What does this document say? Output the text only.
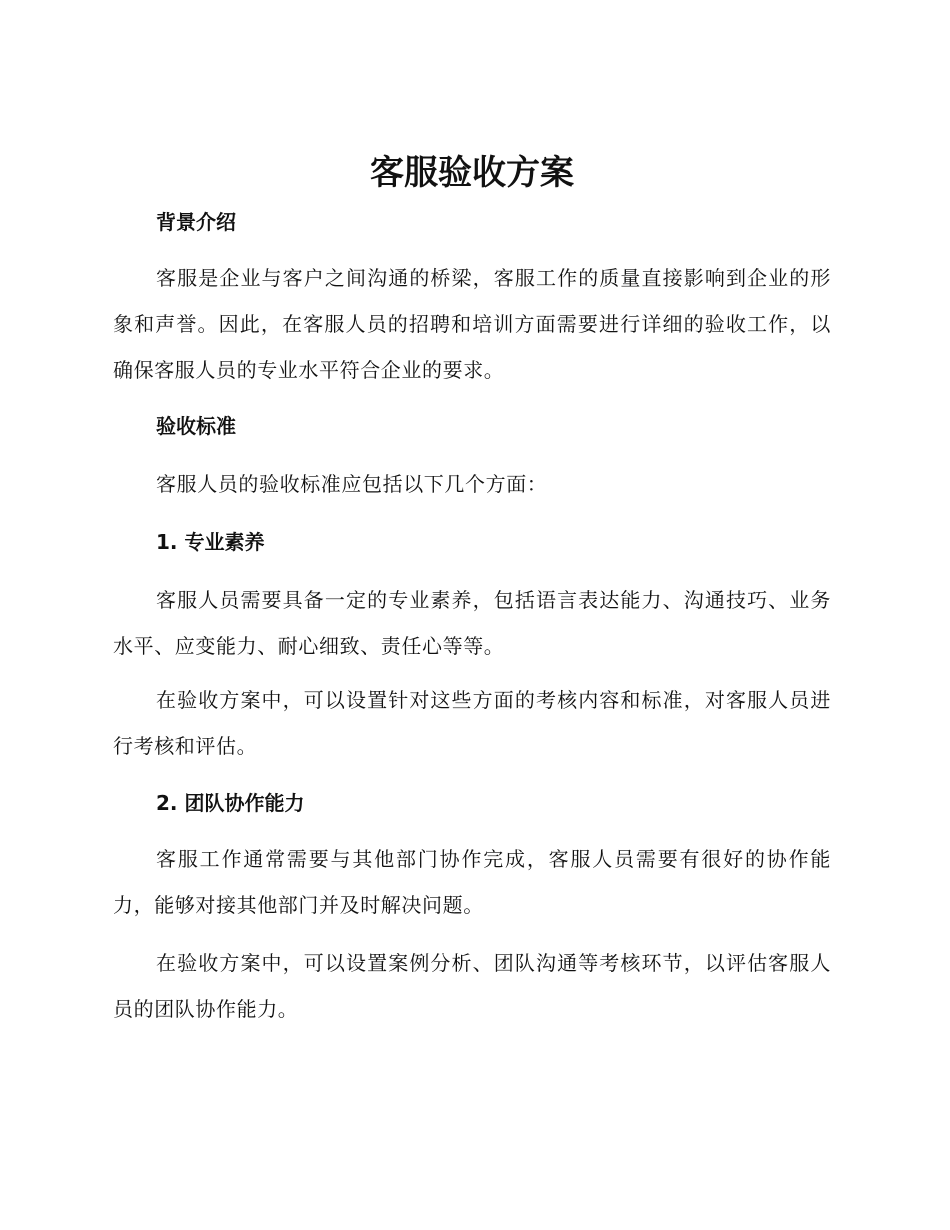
客服验收方案
背景介绍

客服是企业与客户之间沟通的桥梁，客服工作的质量直接影响到企业的形象和声誉。因此，在客服人员的招聘和培训方面需要进行详细的验收工作，以确保客服人员的专业水平符合企业的要求。

验收标准

客服人员的验收标准应包括以下几个方面：

1. 专业素养

客服人员需要具备一定的专业素养，包括语言表达能力、沟通技巧、业务水平、应变能力、耐心细致、责任心等等。

在验收方案中，可以设置针对这些方面的考核内容和标准，对客服人员进行考核和评估。

2. 团队协作能力

客服工作通常需要与其他部门协作完成，客服人员需要有很好的协作能力，能够对接其他部门并及时解决问题。

在验收方案中，可以设置案例分析、团队沟通等考核环节，以评估客服人员的团队协作能力。
